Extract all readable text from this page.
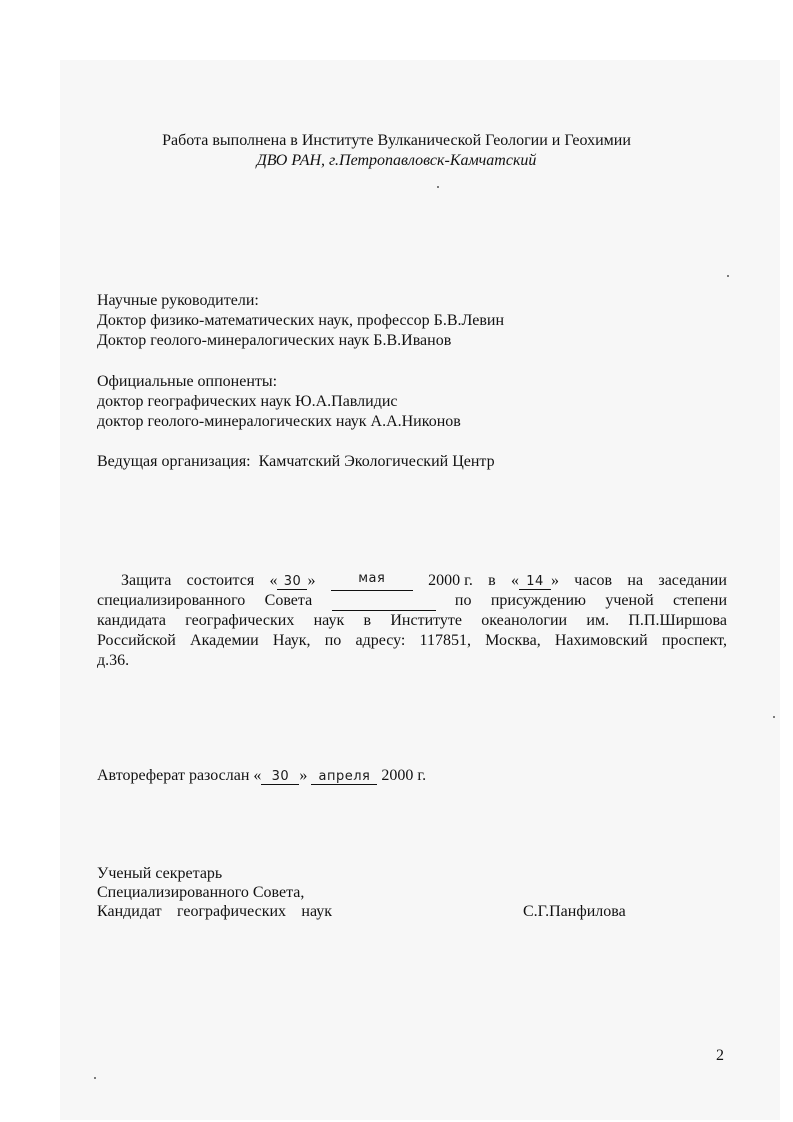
Работа выполнена в Институте Вулканической Геологии и Геохимии
ДВО РАН, г.Петропавловск-Камчатский
Научные руководители:
Доктор физико-математических наук, профессор Б.В.Левин
Доктор геолого-минералогических наук Б.В.Иванов
Официальные оппоненты:
доктор географических наук Ю.А.Павлидис
доктор геолого-минералогических наук А.А.Никонов
Ведущая организация: Камчатский Экологический Центр
Защита состоится « 30 »	мая	2000 г. в « 14 » часов на заседании
специализированного Совета
	по присуждению ученой степени
кандидата географических наук в Институте океанологии им. П.П.Ширшова
Российской Академии Наук, по адресу: 117851, Москва, Нахимовский проспект,
д.36.
Автореферат разослан « 30 » апреля 2000 г.
Ученый секретарь
Специализированного Совета,
Кандидат географических наук	С.Г.Панфилова
2
